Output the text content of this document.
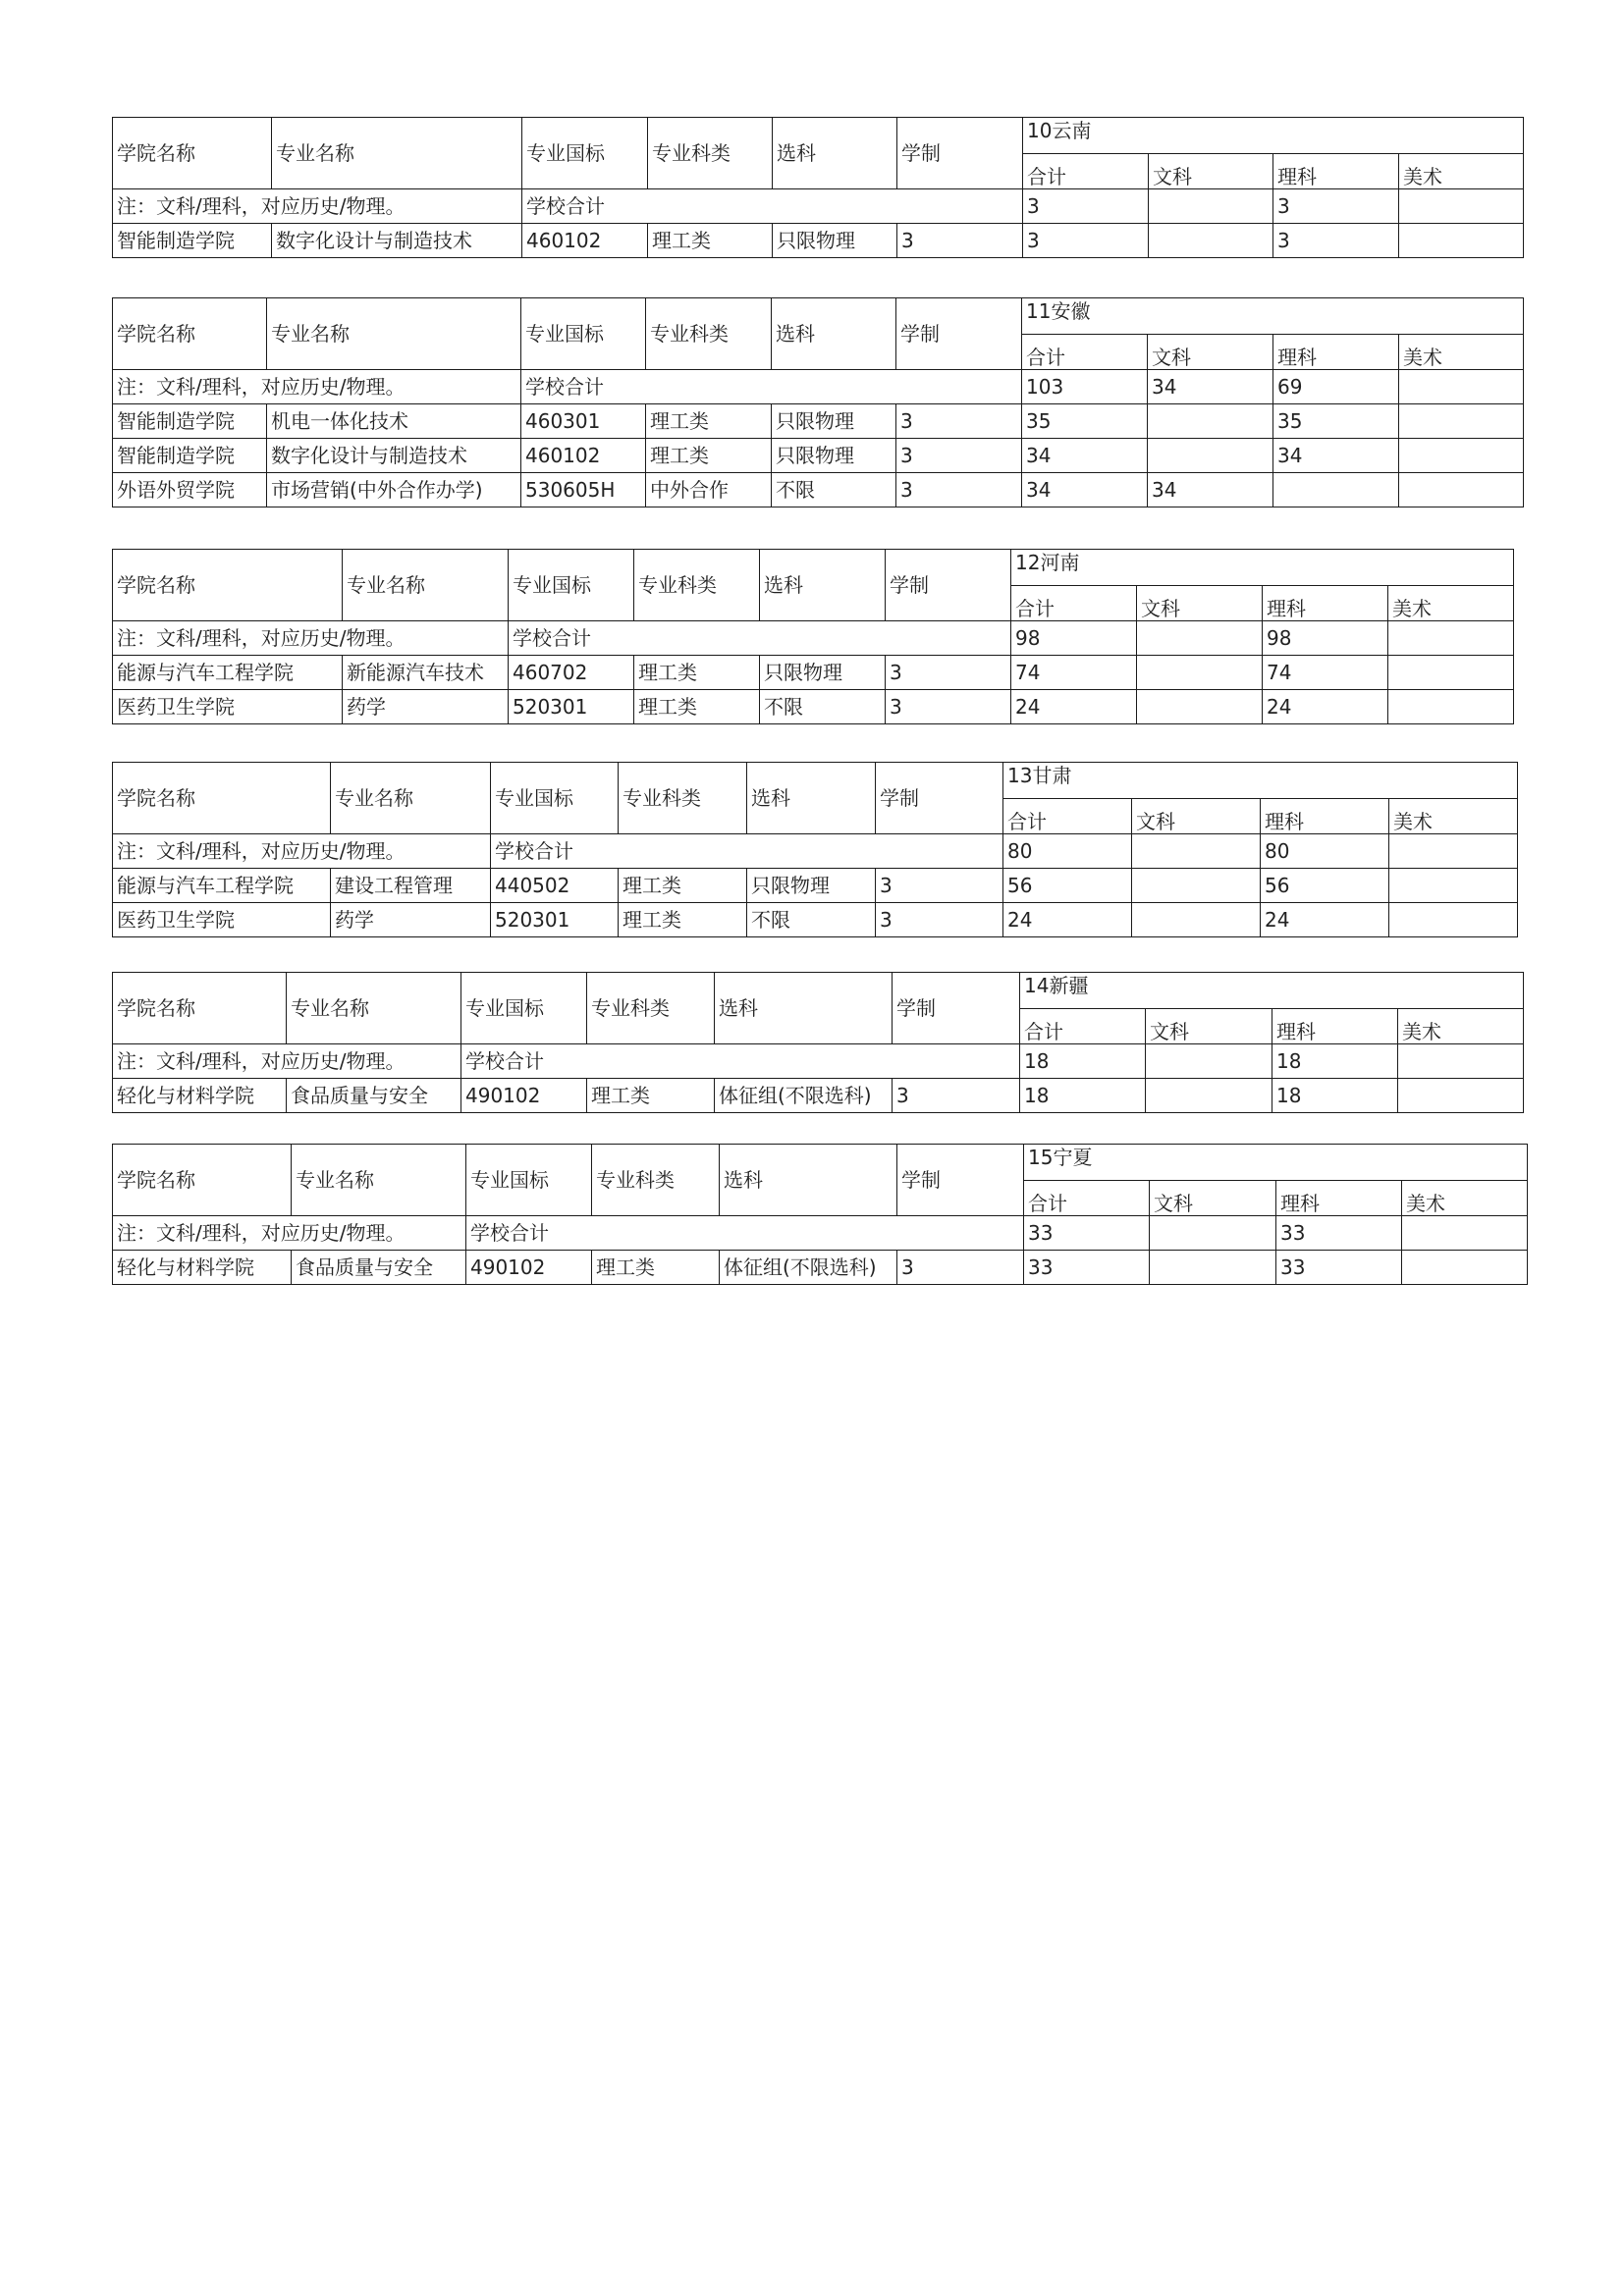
学院名称	专业名称	专业国标	专业科类	选科	学制	10云南			
						合计	文科	理科	美术
注：文科/理科，对应历史/物理。		学校合计				3		3	
智能制造学院	数字化设计与制造技术	460102	理工类	只限物理	3	3		3	
学院名称	专业名称	专业国标	专业科类	选科	学制	11安徽			
						合计	文科	理科	美术
注：文科/理科，对应历史/物理。		学校合计				103	34	69	
智能制造学院	机电一体化技术	460301	理工类	只限物理	3	35		35	
智能制造学院	数字化设计与制造技术	460102	理工类	只限物理	3	34		34	
外语外贸学院	市场营销(中外合作办学)	530605H	中外合作	不限	3	34	34		
学院名称	专业名称	专业国标	专业科类	选科	学制	12河南			
						合计	文科	理科	美术
注：文科/理科，对应历史/物理。		学校合计				98		98	
能源与汽车工程学院	新能源汽车技术	460702	理工类	只限物理	3	74		74	
医药卫生学院	药学	520301	理工类	不限	3	24		24	
学院名称	专业名称	专业国标	专业科类	选科	学制	13甘肃			
						合计	文科	理科	美术
注：文科/理科，对应历史/物理。		学校合计				80		80	
能源与汽车工程学院	建设工程管理	440502	理工类	只限物理	3	56		56	
医药卫生学院	药学	520301	理工类	不限	3	24		24	
学院名称	专业名称	专业国标	专业科类	选科	学制	14新疆			
						合计	文科	理科	美术
注：文科/理科，对应历史/物理。		学校合计				18		18	
轻化与材料学院	食品质量与安全	490102	理工类	体征组(不限选科)	3	18		18	
学院名称	专业名称	专业国标	专业科类	选科	学制	15宁夏			
						合计	文科	理科	美术
注：文科/理科，对应历史/物理。		学校合计				33		33	
轻化与材料学院	食品质量与安全	490102	理工类	体征组(不限选科)	3	33		33	
